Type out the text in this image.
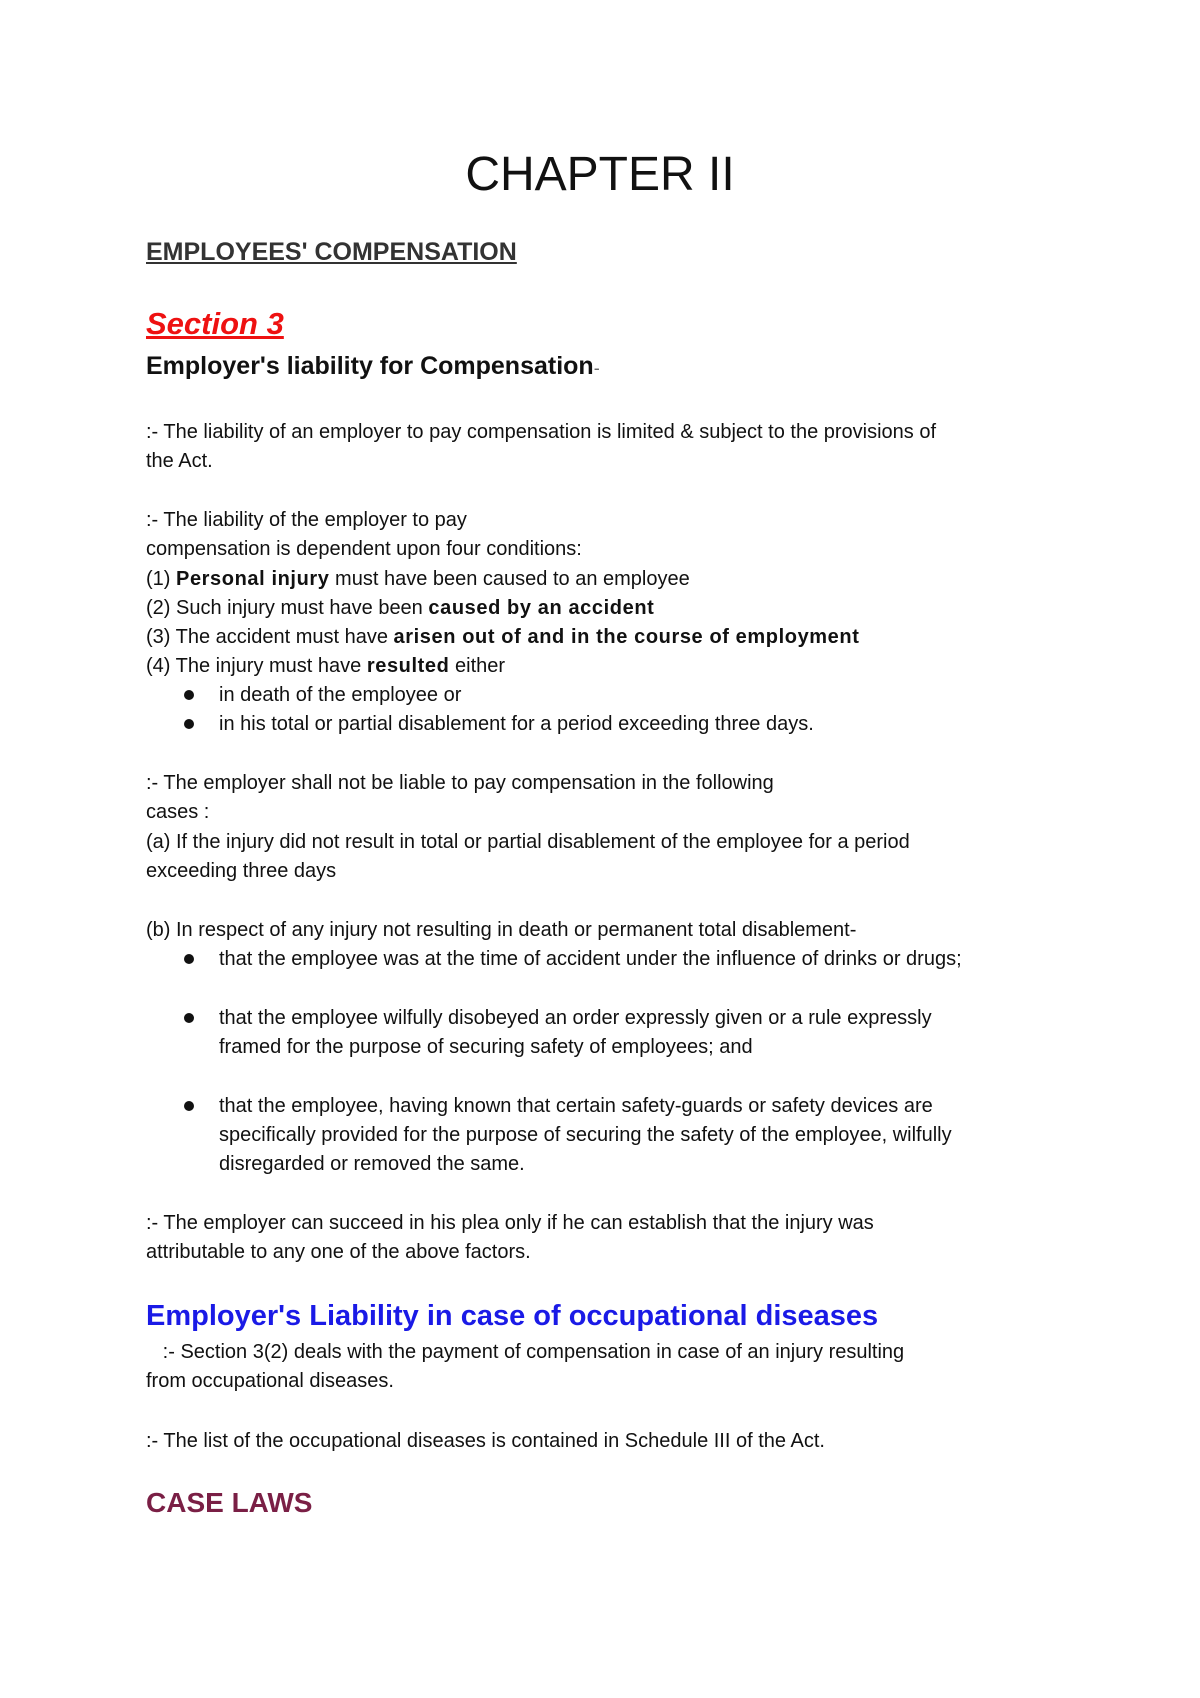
CHAPTER II
EMPLOYEES' COMPENSATION
Section 3
Employer's liability for Compensation-
:- The liability of an employer to pay compensation is limited & subject to the provisions of
the Act.
:- The liability of the employer to pay
compensation is dependent upon four conditions:
(1) Personal injury must have been caused to an employee
(2) Such injury must have been caused by an accident
(3) The accident must have arisen out of and in the course of employment
(4) The injury must have resulted either
in death of the employee or
in his total or partial disablement for a period exceeding three days.
:- The employer shall not be liable to pay compensation in the following
cases :
(a) If the injury did not result in total or partial disablement of the employee for a period
exceeding three days
(b) In respect of any injury not resulting in death or permanent total disablement-
that the employee was at the time of accident under the influence of drinks or drugs;
that the employee wilfully disobeyed an order expressly given or a rule expressly
framed for the purpose of securing safety of employees; and
that the employee, having known that certain safety-guards or safety devices are
specifically provided for the purpose of securing the safety of the employee, wilfully
disregarded or removed the same.
:- The employer can succeed in his plea only if he can establish that the injury was
attributable to any one of the above factors.
Employer's Liability in case of occupational diseases
:- Section 3(2) deals with the payment of compensation in case of an injury resulting
from occupational diseases.
:- The list of the occupational diseases is contained in Schedule III of the Act.
CASE LAWS
